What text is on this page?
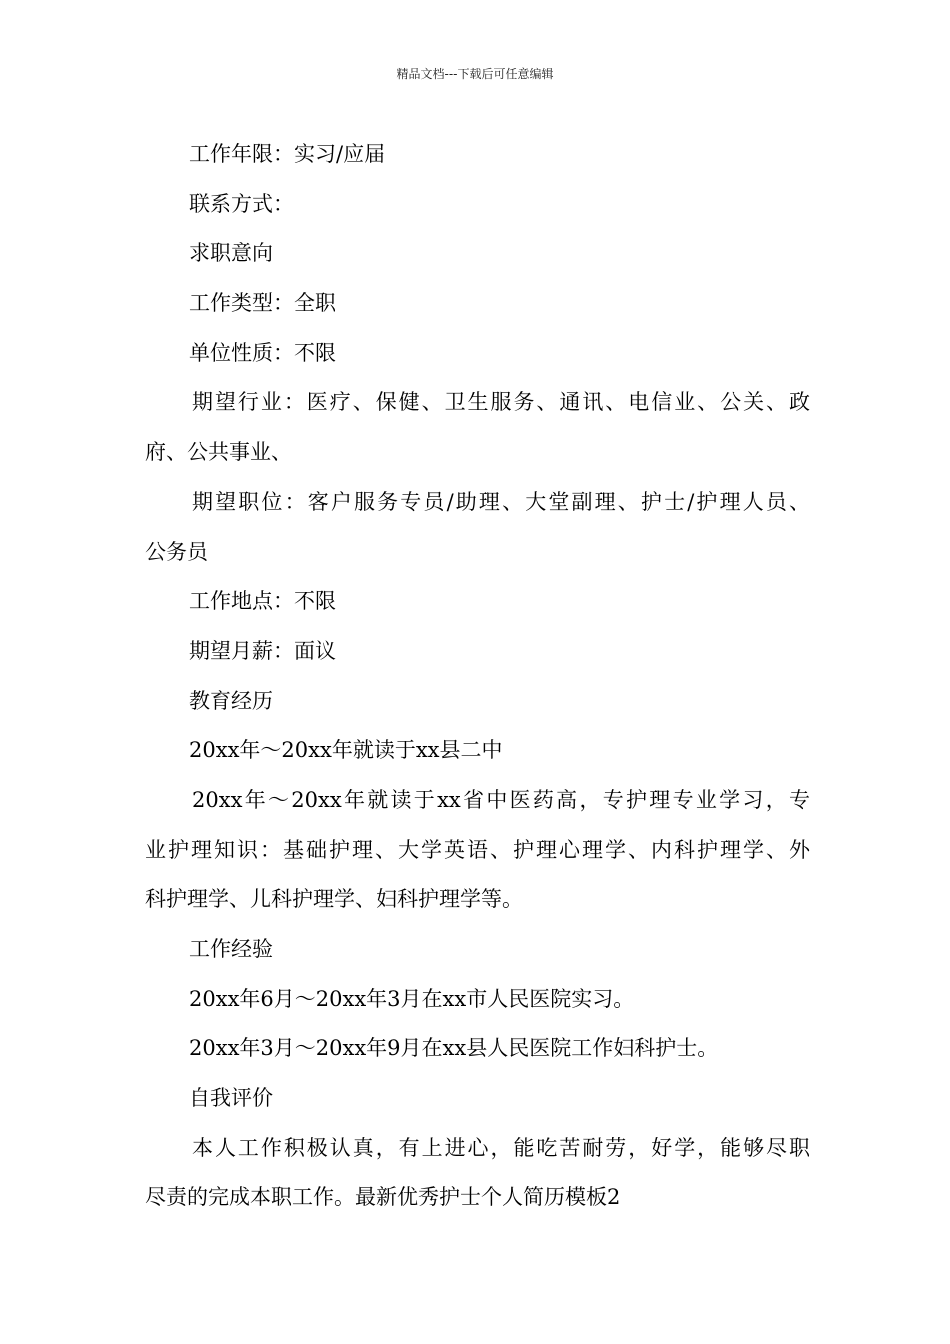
精品文档---下载后可任意编辑
工作年限：实习/应届
联系方式：
求职意向
工作类型：全职
单位性质：不限
期望行业：医疗、保健、卫生服务、通讯、电信业、公关、政
府、公共事业、
期望职位：客户服务专员/助理、大堂副理、护士/护理人员、
公务员
工作地点：不限
期望月薪：面议
教育经历
20xx年～20xx年就读于xx县二中
20xx年～20xx年就读于xx省中医药高，专护理专业学习，专
业护理知识：基础护理、大学英语、护理心理学、内科护理学、外
科护理学、儿科护理学、妇科护理学等。
工作经验
20xx年6月～20xx年3月在xx市人民医院实习。
20xx年3月～20xx年9月在xx县人民医院工作妇科护士。
自我评价
本人工作积极认真，有上进心，能吃苦耐劳，好学，能够尽职
尽责的完成本职工作。最新优秀护士个人简历模板2
